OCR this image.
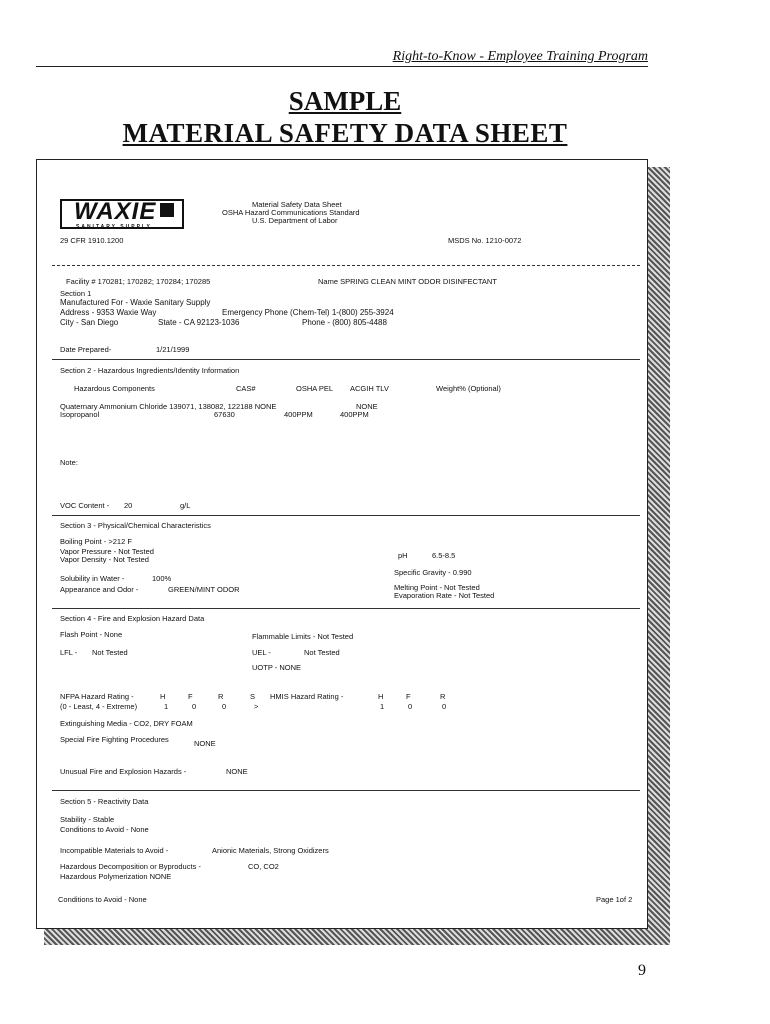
Right-to-Know - Employee Training Program
SAMPLE
MATERIAL SAFETY DATA SHEET
WAXIE
SANITARY SUPPLY
Material Safety Data Sheet
OSHA Hazard Communications Standard
U.S. Department of Labor
29 CFR 1910.1200	MSDS No. 1210-0072
Facility # 170281; 170282; 170284; 170285	Name SPRING CLEAN MINT ODOR DISINFECTANT
Section 1
Manufactured For - Waxie Sanitary Supply
Address - 9353 Waxie Way	Emergency Phone (Chem-Tel) 1-(800) 255-3924
City - San Diego	State - CA 92123-1036	Phone - (800) 805-4488
Date Prepared-	1/21/1999
Section 2 - Hazardous Ingredients/Identity Information
Hazardous Components	CAS#	OSHA PEL ACGIH TLV	Weight% (Optional)
Quaternary Ammonium Chloride 139071, 138082, 122188 NONE	NONE
Isopropanol	67630	400PPM	400PPM
Note:
VOC Content - 20	g/L
Section 3 - Physical/Chemical Characteristics
Boiling Point - >212 F
Vapor Pressure - Not Tested
Vapor Density - Not Tested	pH	6.5-8.5
Specific Gravity - 0.990
Solubility in Water -	100%
Appearance and Odor -	GREEN/MINT ODOR	Melting Point - Not Tested
Evaporation Rate - Not Tested
Section 4 - Fire and Explosion Hazard Data
Flash Point - None	Flammable Limits - Not Tested
LFL - Not Tested	UEL -	Not Tested
UOTP - NONE
NFPA Hazard Rating -
(0 - Least, 4 - Extreme)
H	F	R	S
1	0	0	>
HMIS Hazard Rating -	H	F	R
1	0	0
Extinguishing Media - CO2, DRY FOAM
Special Fire Fighting Procedures	NONE
Unusual Fire and Explosion Hazards -	NONE
Section 5 - Reactivity Data
Stability - Stable
Conditions to Avoid - None
Incompatible Materials to Avoid -	Anionic Materials, Strong Oxidizers
Hazardous Decomposition or Byproducts -	CO, CO2
Hazardous Polymerization NONE
Conditions to Avoid - None	Page 1of 2
9
